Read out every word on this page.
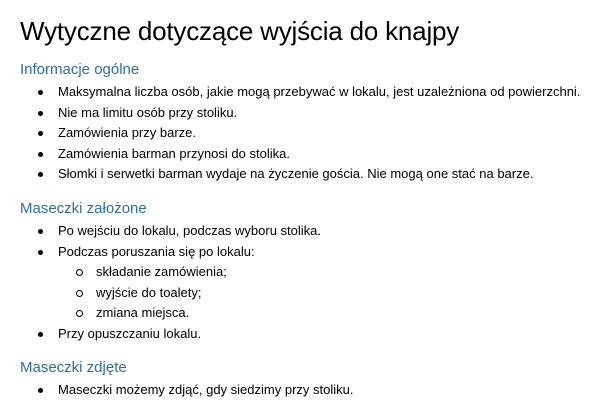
Wytyczne dotyczące wyjścia do knajpy
Informacje ogólne
Maksymalna liczba osób, jakie mogą przebywać w lokalu, jest uzależniona od powierzchni.
Nie ma limitu osób przy stoliku.
Zamówienia przy barze.
Zamówienia barman przynosi do stolika.
Słomki i serwetki barman wydaje na życzenie gościa. Nie mogą one stać na barze.
Maseczki założone
Po wejściu do lokalu, podczas wyboru stolika.
Podczas poruszania się po lokalu:
składanie zamówienia;
wyjście do toalety;
zmiana miejsca.
Przy opuszczaniu lokalu.
Maseczki zdjęte
Maseczki możemy zdjąć, gdy siedzimy przy stoliku.
